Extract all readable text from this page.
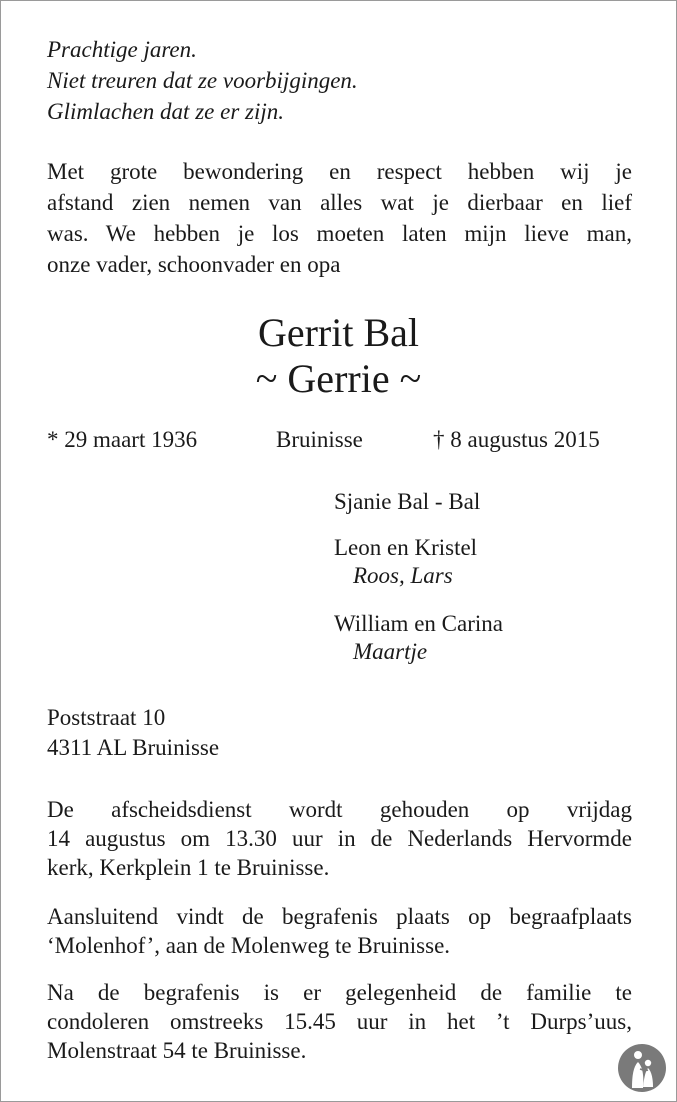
Prachtige jaren.
Niet treuren dat ze voorbijgingen.
Glimlachen dat ze er zijn.
Met grote bewondering en respect hebben wij je
afstand zien nemen van alles wat je dierbaar en lief
was. We hebben je los moeten laten mijn lieve man,
onze vader, schoonvader en opa
Gerrit Bal
~ Gerrie ~
* 29 maart 1936	Bruinisse	† 8 augustus 2015
Sjanie Bal - Bal
Leon en Kristel
Roos, Lars
William en Carina
Maartje
Poststraat 10
4311 AL Bruinisse
De afscheidsdienst wordt gehouden op vrijdag
14 augustus om 13.30 uur in de Nederlands Hervormde
kerk, Kerkplein 1 te Bruinisse.
Aansluitend vindt de begrafenis plaats op begraafplaats
‘Molenhof’, aan de Molenweg te Bruinisse.
Na de begrafenis is er gelegenheid de familie te
condoleren omstreeks 15.45 uur in het ’t Durps’uus,
Molenstraat 54 te Bruinisse.
